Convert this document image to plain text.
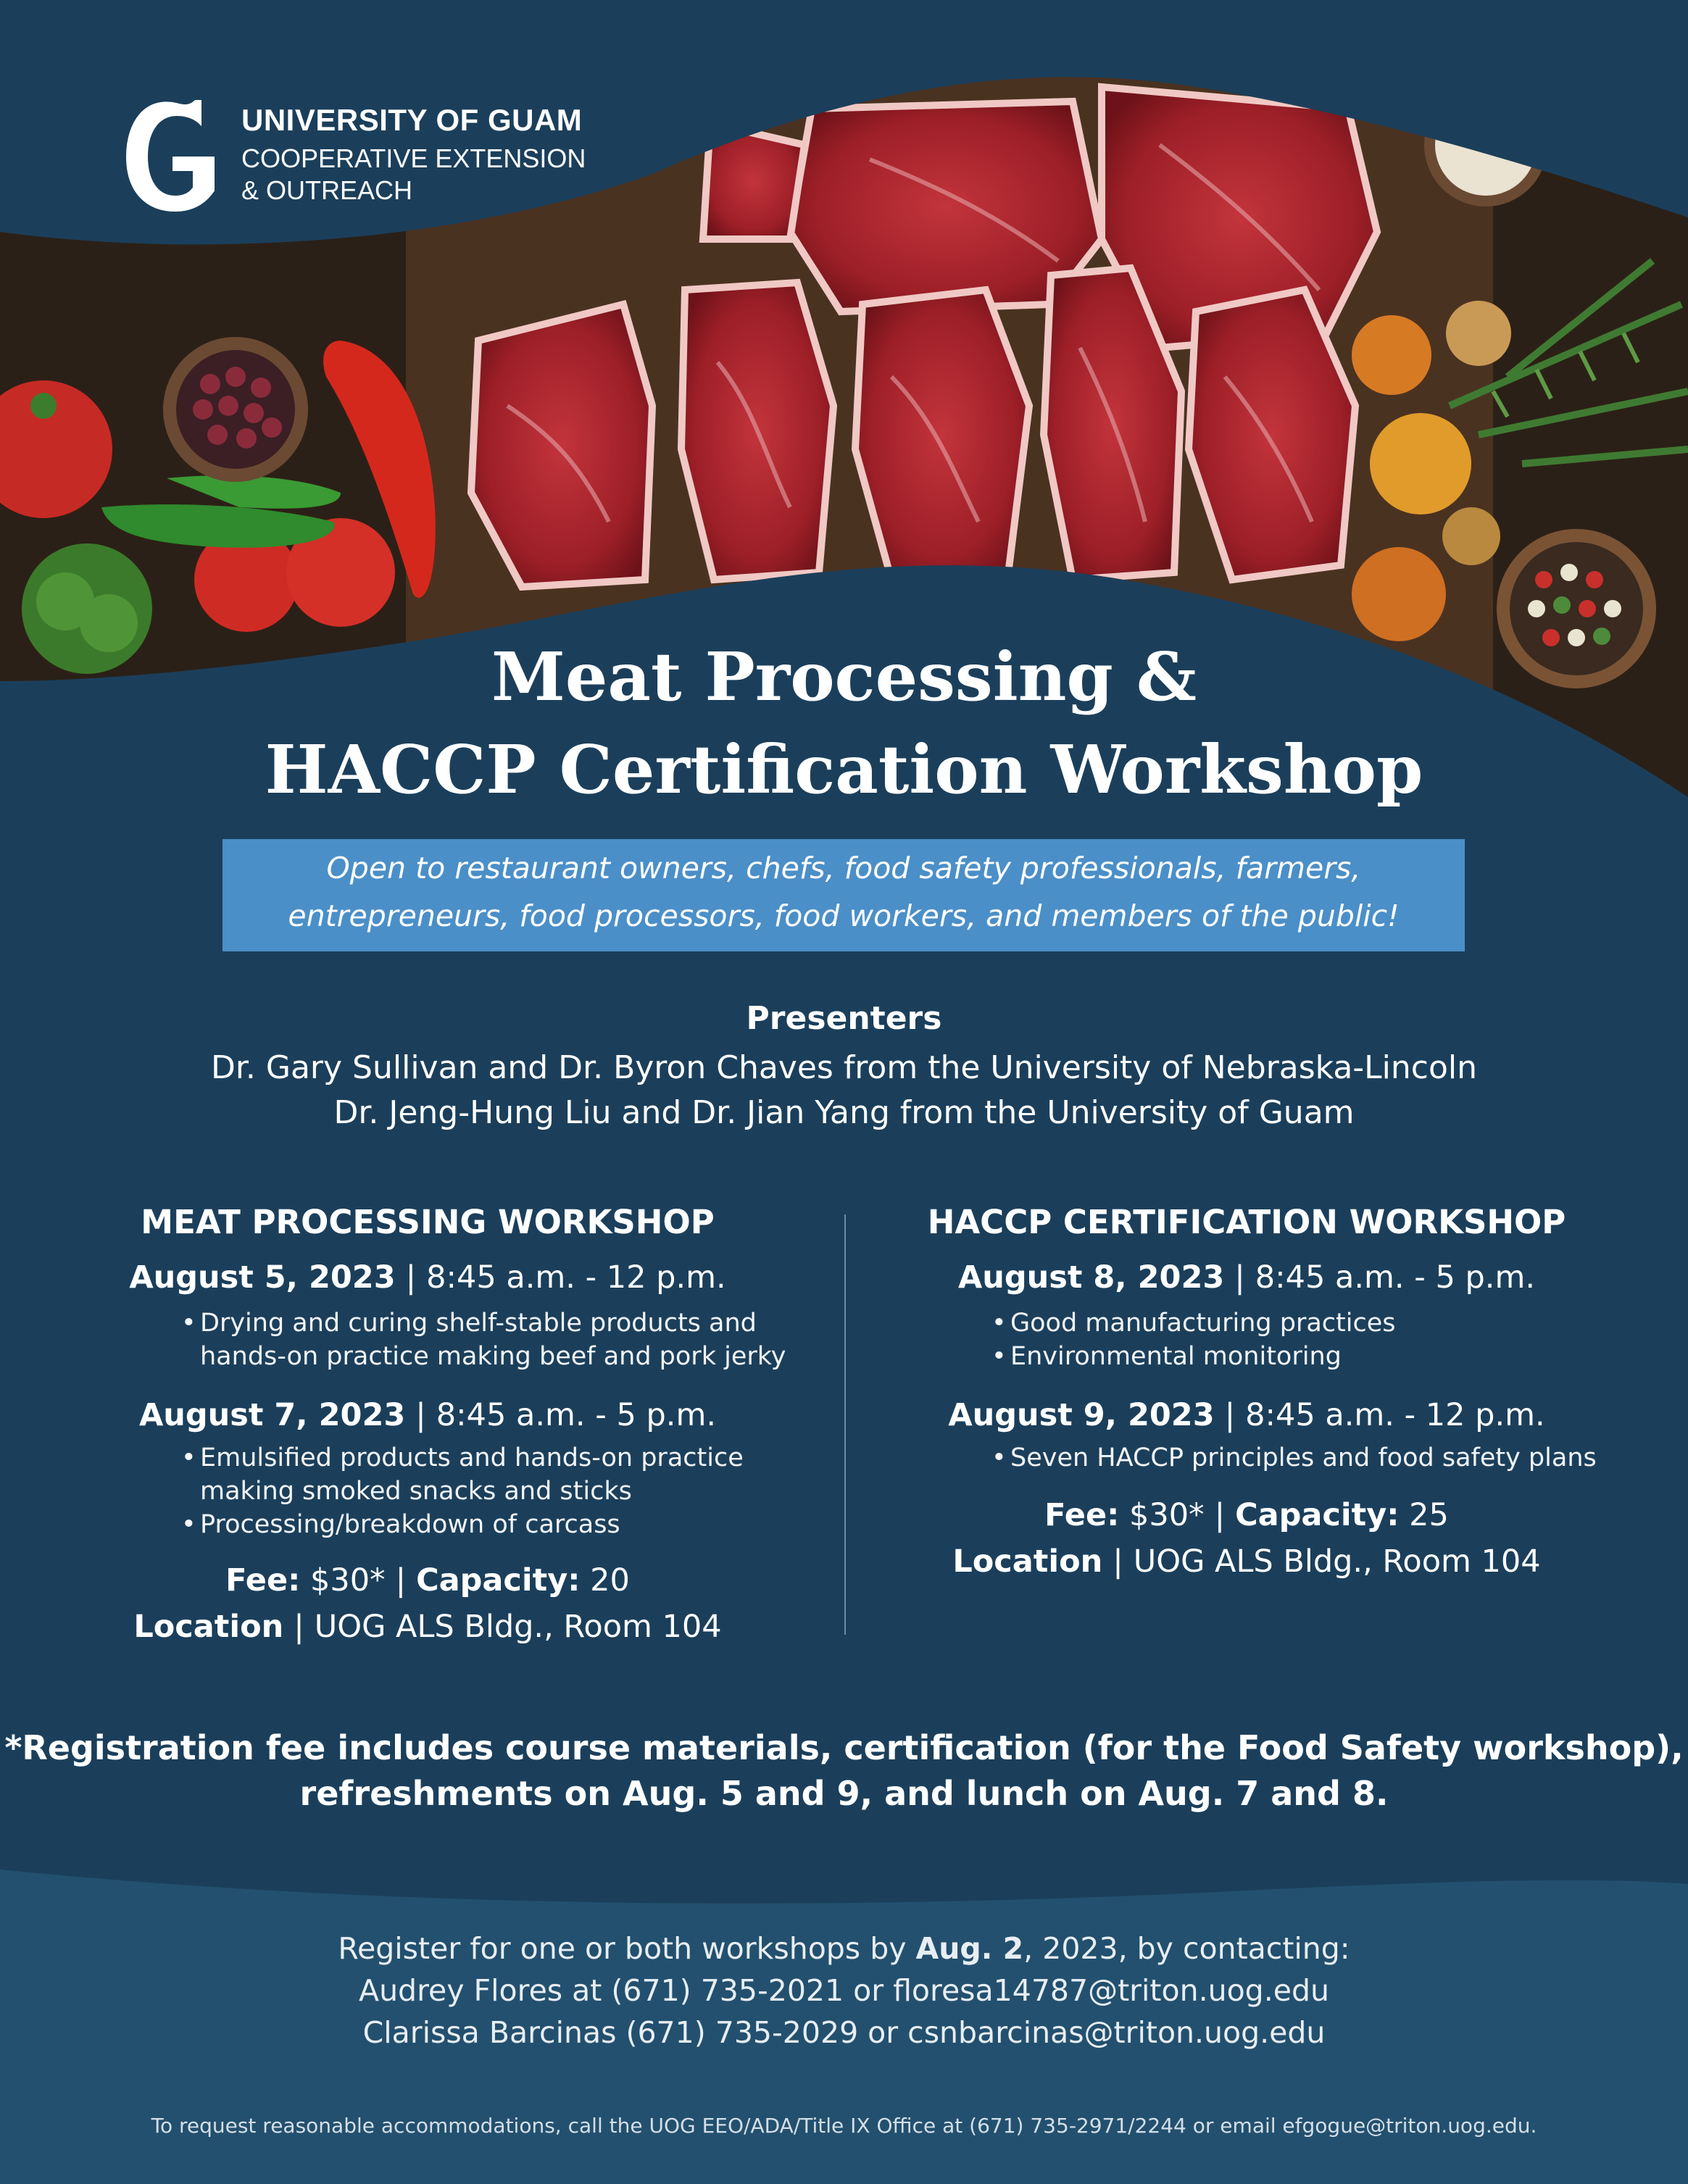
UNIVERSITY OF GUAM
COOPERATIVE EXTENSION
& OUTREACH
Meat Processing &
HACCP Certification Workshop
Open to restaurant owners, chefs, food safety professionals, farmers,
entrepreneurs, food processors, food workers, and members of the public!
Presenters
Dr. Gary Sullivan and Dr. Byron Chaves from the University of Nebraska-Lincoln
Dr. Jeng-Hung Liu and Dr. Jian Yang from the University of Guam
MEAT PROCESSING WORKSHOP
August 5, 2023 | 8:45 a.m. - 12 p.m.
• Drying and curing shelf-stable products and
hands-on practice making beef and pork jerky
August 7, 2023 | 8:45 a.m. - 5 p.m.
• Emulsified products and hands-on practice
making smoked snacks and sticks
• Processing/breakdown of carcass
Fee: $30* | Capacity: 20
Location | UOG ALS Bldg., Room 104
HACCP CERTIFICATION WORKSHOP
August 8, 2023 | 8:45 a.m. - 5 p.m.
• Good manufacturing practices
• Environmental monitoring
August 9, 2023 | 8:45 a.m. - 12 p.m.
• Seven HACCP principles and food safety plans
Fee: $30* | Capacity: 25
Location | UOG ALS Bldg., Room 104
*Registration fee includes course materials, certification (for the Food Safety workshop),
refreshments on Aug. 5 and 9, and lunch on Aug. 7 and 8.
Register for one or both workshops by Aug. 2, 2023, by contacting:
Audrey Flores at (671) 735-2021 or floresa14787@triton.uog.edu
Clarissa Barcinas (671) 735-2029 or csnbarcinas@triton.uog.edu
To request reasonable accommodations, call the UOG EEO/ADA/Title IX Office at (671) 735-2971/2244 or email efgogue@triton.uog.edu.
